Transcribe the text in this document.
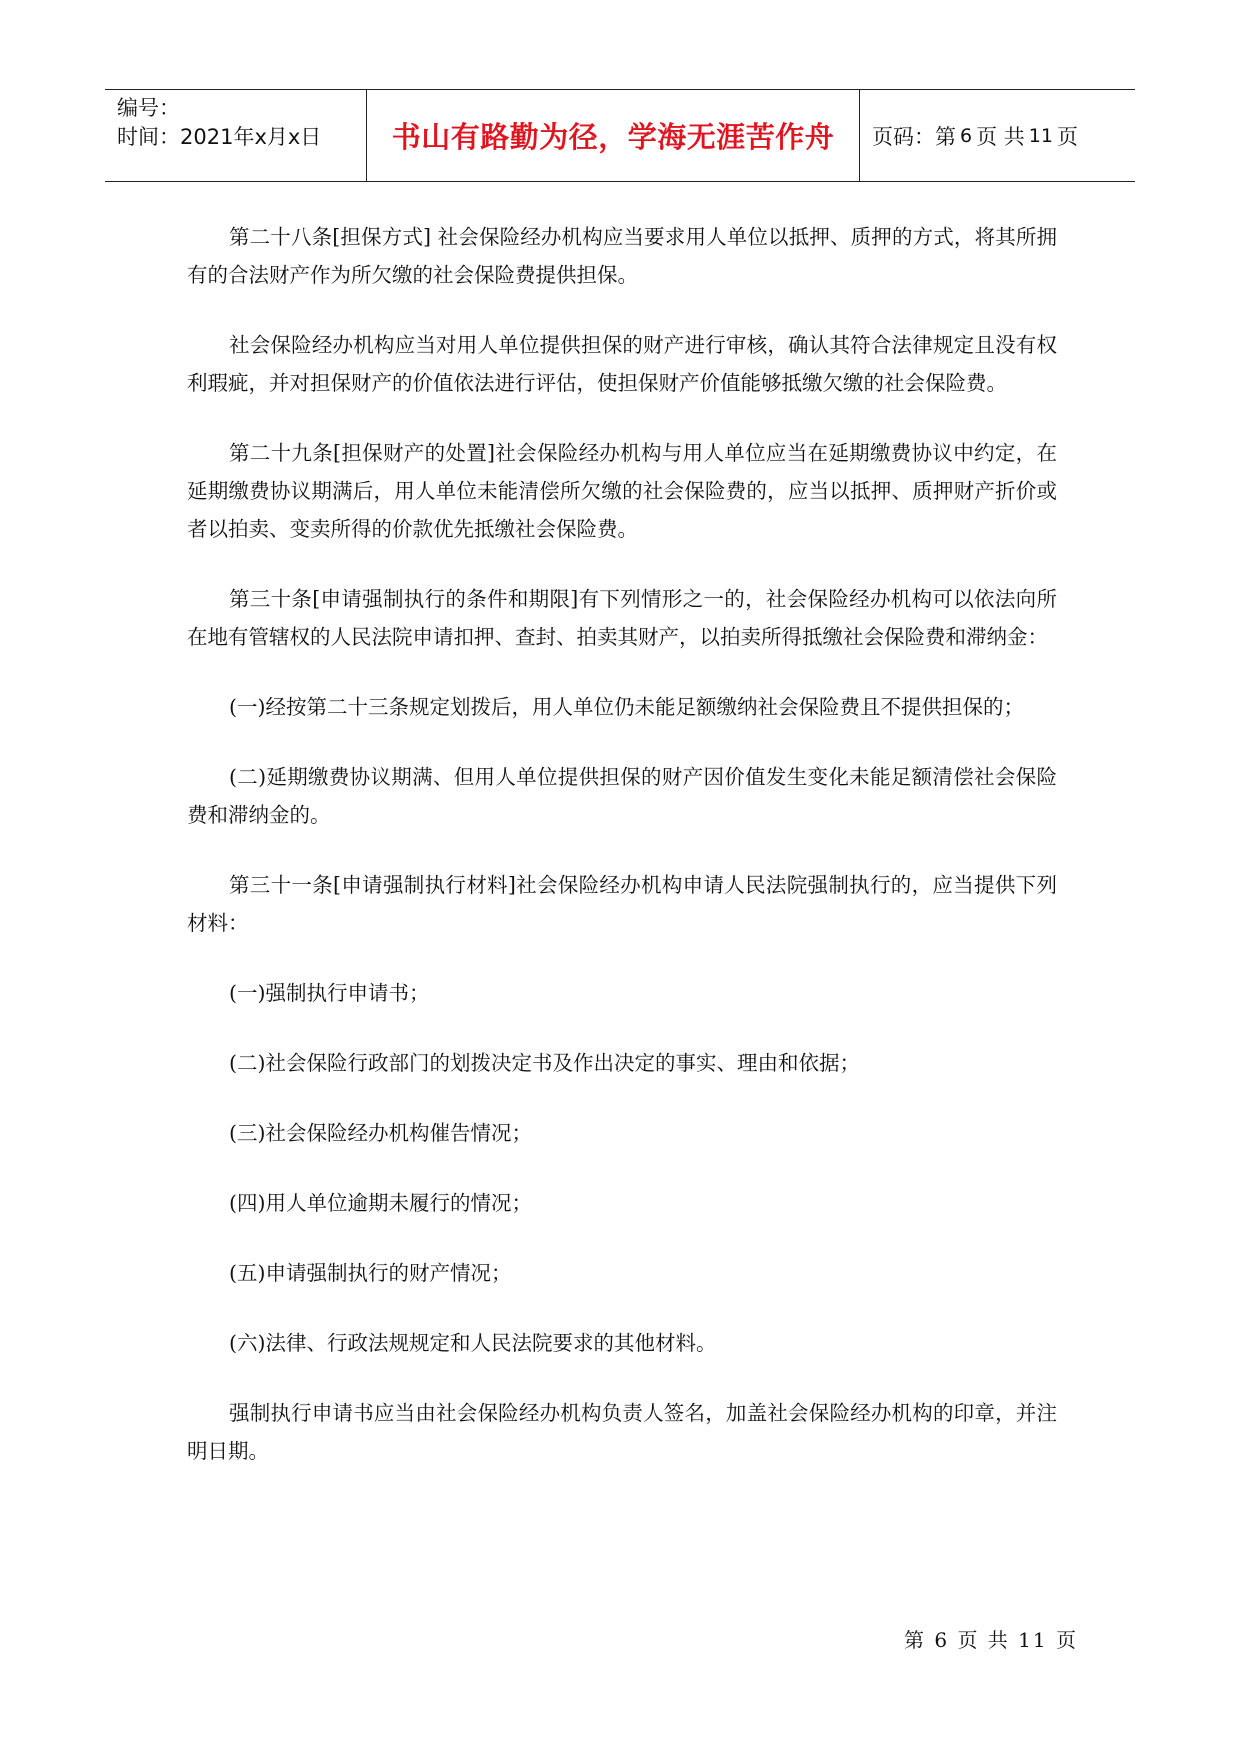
编号：
时间：2021年x月x日	书山有路勤为径，学海无涯苦作舟	页码：第 6 页 共 11 页

第二十八条[担保方式] 社会保险经办机构应当要求用人单位以抵押、质押的方式，将其所拥有的合法财产作为所欠缴的社会保险费提供担保。

社会保险经办机构应当对用人单位提供担保的财产进行审核，确认其符合法律规定且没有权利瑕疵，并对担保财产的价值依法进行评估，使担保财产价值能够抵缴欠缴的社会保险费。

第二十九条[担保财产的处置]社会保险经办机构与用人单位应当在延期缴费协议中约定，在延期缴费协议期满后，用人单位未能清偿所欠缴的社会保险费的，应当以抵押、质押财产折价或者以拍卖、变卖所得的价款优先抵缴社会保险费。

第三十条[申请强制执行的条件和期限]有下列情形之一的，社会保险经办机构可以依法向所在地有管辖权的人民法院申请扣押、查封、拍卖其财产，以拍卖所得抵缴社会保险费和滞纳金：

(一)经按第二十三条规定划拨后，用人单位仍未能足额缴纳社会保险费且不提供担保的；

(二)延期缴费协议期满、但用人单位提供担保的财产因价值发生变化未能足额清偿社会保险费和滞纳金的。

第三十一条[申请强制执行材料]社会保险经办机构申请人民法院强制执行的，应当提供下列材料：

(一)强制执行申请书；

(二)社会保险行政部门的划拨决定书及作出决定的事实、理由和依据；

(三)社会保险经办机构催告情况；

(四)用人单位逾期未履行的情况；

(五)申请强制执行的财产情况；

(六)法律、行政法规规定和人民法院要求的其他材料。

强制执行申请书应当由社会保险经办机构负责人签名，加盖社会保险经办机构的印章，并注明日期。

第 6 页 共 11 页
